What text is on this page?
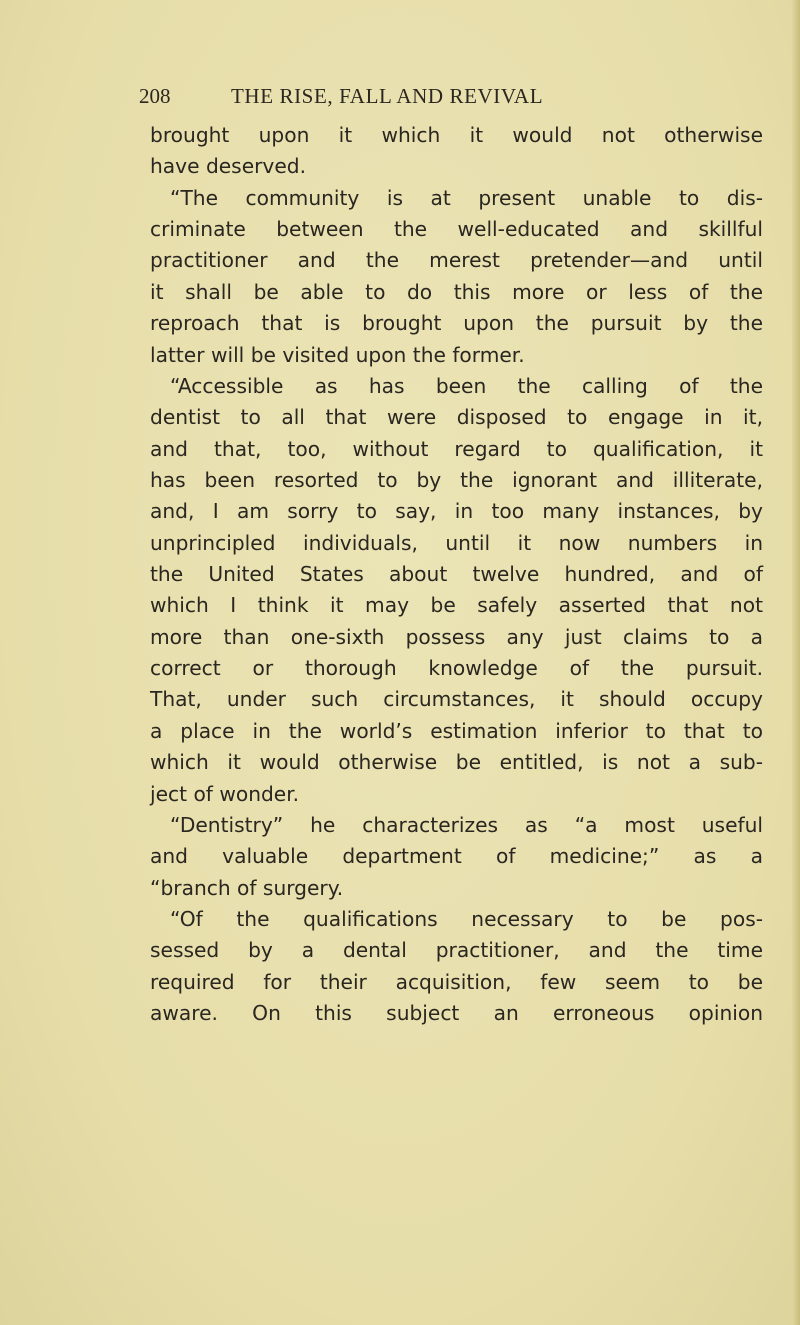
208	THE RISE, FALL AND REVIVAL
brought upon it which it would not otherwise
have deserved.
“The community is at present unable to dis-
criminate between the well-educated and skillful
practitioner and the merest pretender—and until
it shall be able to do this more or less of the
reproach that is brought upon the pursuit by the
latter will be visited upon the former.
“Accessible as has been the calling of the
dentist to all that were disposed to engage in it,
and that, too, without regard to qualification, it
has been resorted to by the ignorant and illiterate,
and, I am sorry to say, in too many instances, by
unprincipled individuals, until it now numbers in
the United States about twelve hundred, and of
which I think it may be safely asserted that not
more than one-sixth possess any just claims to a
correct or thorough knowledge of the pursuit.
That, under such circumstances, it should occupy
a place in the world’s estimation inferior to that to
which it would otherwise be entitled, is not a sub-
ject of wonder.
“Dentistry” he characterizes as “a most useful
and valuable department of medicine;” as a
“branch of surgery.
“Of the qualifications necessary to be pos-
sessed by a dental practitioner, and the time
required for their acquisition, few seem to be
aware. On this subject an erroneous opinion
